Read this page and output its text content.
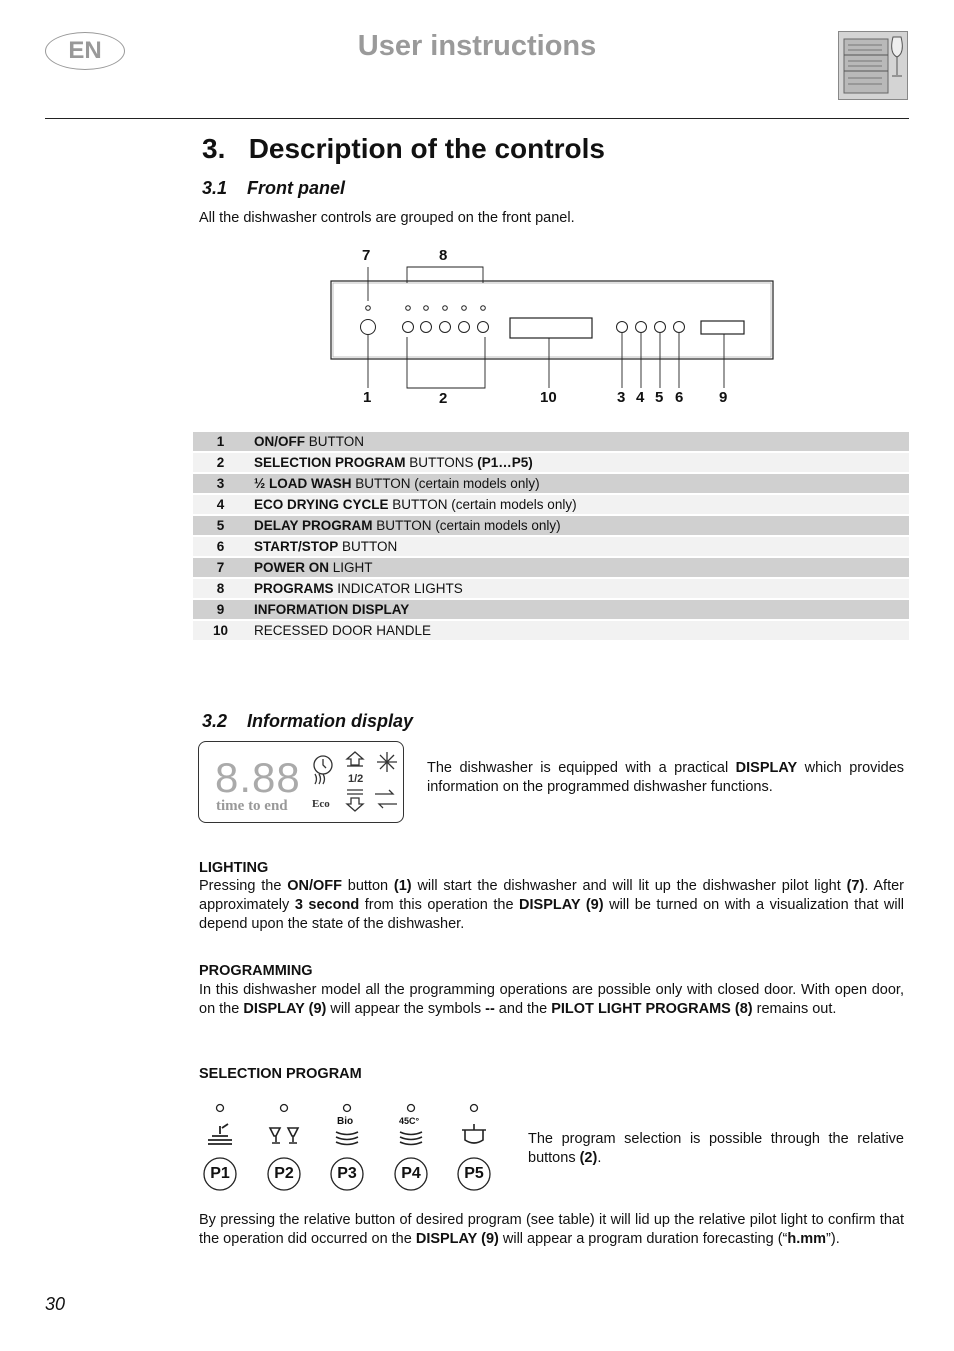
EN	User instructions
3.   Description of the controls
3.1    Front panel
All the dishwasher controls are grouped on the front panel.
7	8
1	2	10	3 4 5 6 9
1	ON/OFF BUTTON
2	SELECTION PROGRAM BUTTONS (P1…P5)
3	½ LOAD WASH BUTTON (certain models only)
4	ECO DRYING CYCLE BUTTON (certain models only)
5	DELAY PROGRAM BUTTON (certain models only)
6	START/STOP BUTTON
7	POWER ON LIGHT
8	PROGRAMS INDICATOR LIGHTS
9	INFORMATION DISPLAY
10	RECESSED DOOR HANDLE
3.2    Information display
8.88
time to end
1/2
Eco
The dishwasher is equipped with a practical DISPLAY which provides information on the programmed dishwasher functions.
LIGHTING
Pressing the ON/OFF button (1) will start the dishwasher and will lit up the dishwasher pilot light (7). After approximately 3 second from this operation the DISPLAY (9) will be turned on with a visualization that will depend upon the state of the dishwasher.
PROGRAMMING
In this dishwasher model all the programming operations are possible only with closed door. With open door, on the DISPLAY (9) will appear the symbols -- and the PILOT LIGHT PROGRAMS (8) remains out.
SELECTION PROGRAM
Bio	45C°
P1	P2	P3	P4	P5
The program selection is possible through the relative buttons (2).
By pressing the relative button of desired program (see table) it will lid up the relative pilot light to confirm that the operation did occurred on the DISPLAY (9) will appear a program duration forecasting (“h.mm”).
30
